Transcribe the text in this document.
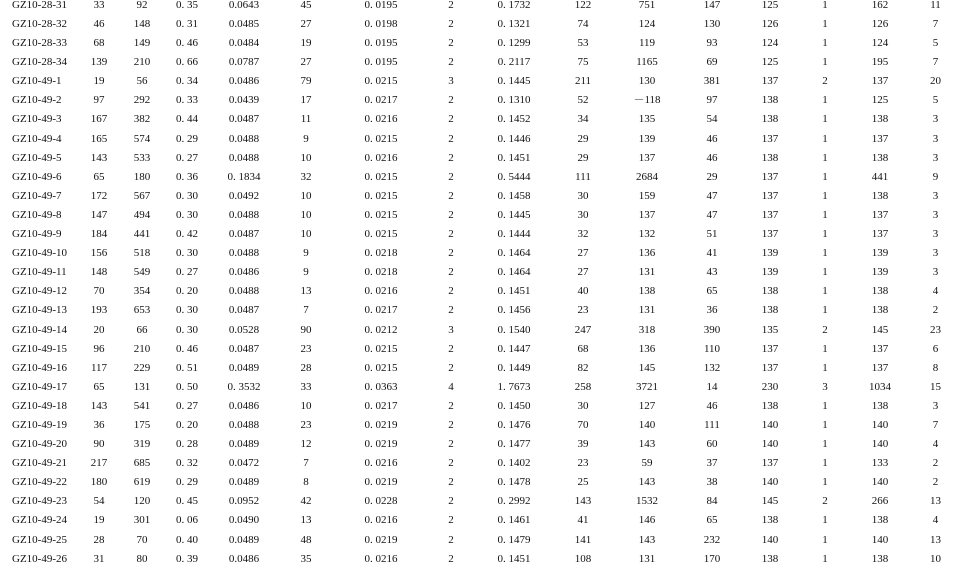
GZ10-28-31	33	92	0. 35	0.0643	45	0. 0195	2	0. 1732	122	751	147	125	1	162	11
GZ10-28-32	46	148	0. 31	0.0485	27	0. 0198	2	0. 1321	74	124	130	126	1	126	7
GZ10-28-33	68	149	0. 46	0.0484	19	0. 0195	2	0. 1299	53	119	93	124	1	124	5
GZ10-28-34	139	210	0. 66	0.0787	27	0. 0195	2	0. 2117	75	1165	69	125	1	195	7
GZ10-49-1	19	56	0. 34	0.0486	79	0. 0215	3	0. 1445	211	130	381	137	2	137	20
GZ10-49-2	97	292	0. 33	0.0439	17	0. 0217	2	0. 1310	52	－118	97	138	1	125	5
GZ10-49-3	167	382	0. 44	0.0487	11	0. 0216	2	0. 1452	34	135	54	138	1	138	3
GZ10-49-4	165	574	0. 29	0.0488	9	0. 0215	2	0. 1446	29	139	46	137	1	137	3
GZ10-49-5	143	533	0. 27	0.0488	10	0. 0216	2	0. 1451	29	137	46	138	1	138	3
GZ10-49-6	65	180	0. 36	0. 1834	32	0. 0215	2	0. 5444	111	2684	29	137	1	441	9
GZ10-49-7	172	567	0. 30	0.0492	10	0. 0215	2	0. 1458	30	159	47	137	1	138	3
GZ10-49-8	147	494	0. 30	0.0488	10	0. 0215	2	0. 1445	30	137	47	137	1	137	3
GZ10-49-9	184	441	0. 42	0.0487	10	0. 0215	2	0. 1444	32	132	51	137	1	137	3
GZ10-49-10	156	518	0. 30	0.0488	9	0. 0218	2	0. 1464	27	136	41	139	1	139	3
GZ10-49-11	148	549	0. 27	0.0486	9	0. 0218	2	0. 1464	27	131	43	139	1	139	3
GZ10-49-12	70	354	0. 20	0.0488	13	0. 0216	2	0. 1451	40	138	65	138	1	138	4
GZ10-49-13	193	653	0. 30	0.0487	7	0. 0217	2	0. 1456	23	131	36	138	1	138	2
GZ10-49-14	20	66	0. 30	0.0528	90	0. 0212	3	0. 1540	247	318	390	135	2	145	23
GZ10-49-15	96	210	0. 46	0.0487	23	0. 0215	2	0. 1447	68	136	110	137	1	137	6
GZ10-49-16	117	229	0. 51	0.0489	28	0. 0215	2	0. 1449	82	145	132	137	1	137	8
GZ10-49-17	65	131	0. 50	0. 3532	33	0. 0363	4	1. 7673	258	3721	14	230	3	1034	15
GZ10-49-18	143	541	0. 27	0.0486	10	0. 0217	2	0. 1450	30	127	46	138	1	138	3
GZ10-49-19	36	175	0. 20	0.0488	23	0. 0219	2	0. 1476	70	140	111	140	1	140	7
GZ10-49-20	90	319	0. 28	0.0489	12	0. 0219	2	0. 1477	39	143	60	140	1	140	4
GZ10-49-21	217	685	0. 32	0.0472	7	0. 0216	2	0. 1402	23	59	37	137	1	133	2
GZ10-49-22	180	619	0. 29	0.0489	8	0. 0219	2	0. 1478	25	143	38	140	1	140	2
GZ10-49-23	54	120	0. 45	0.0952	42	0. 0228	2	0. 2992	143	1532	84	145	2	266	13
GZ10-49-24	19	301	0. 06	0.0490	13	0. 0216	2	0. 1461	41	146	65	138	1	138	4
GZ10-49-25	28	70	0. 40	0.0489	48	0. 0219	2	0. 1479	141	143	232	140	1	140	13
GZ10-49-26	31	80	0. 39	0.0486	35	0. 0216	2	0. 1451	108	131	170	138	1	138	10
